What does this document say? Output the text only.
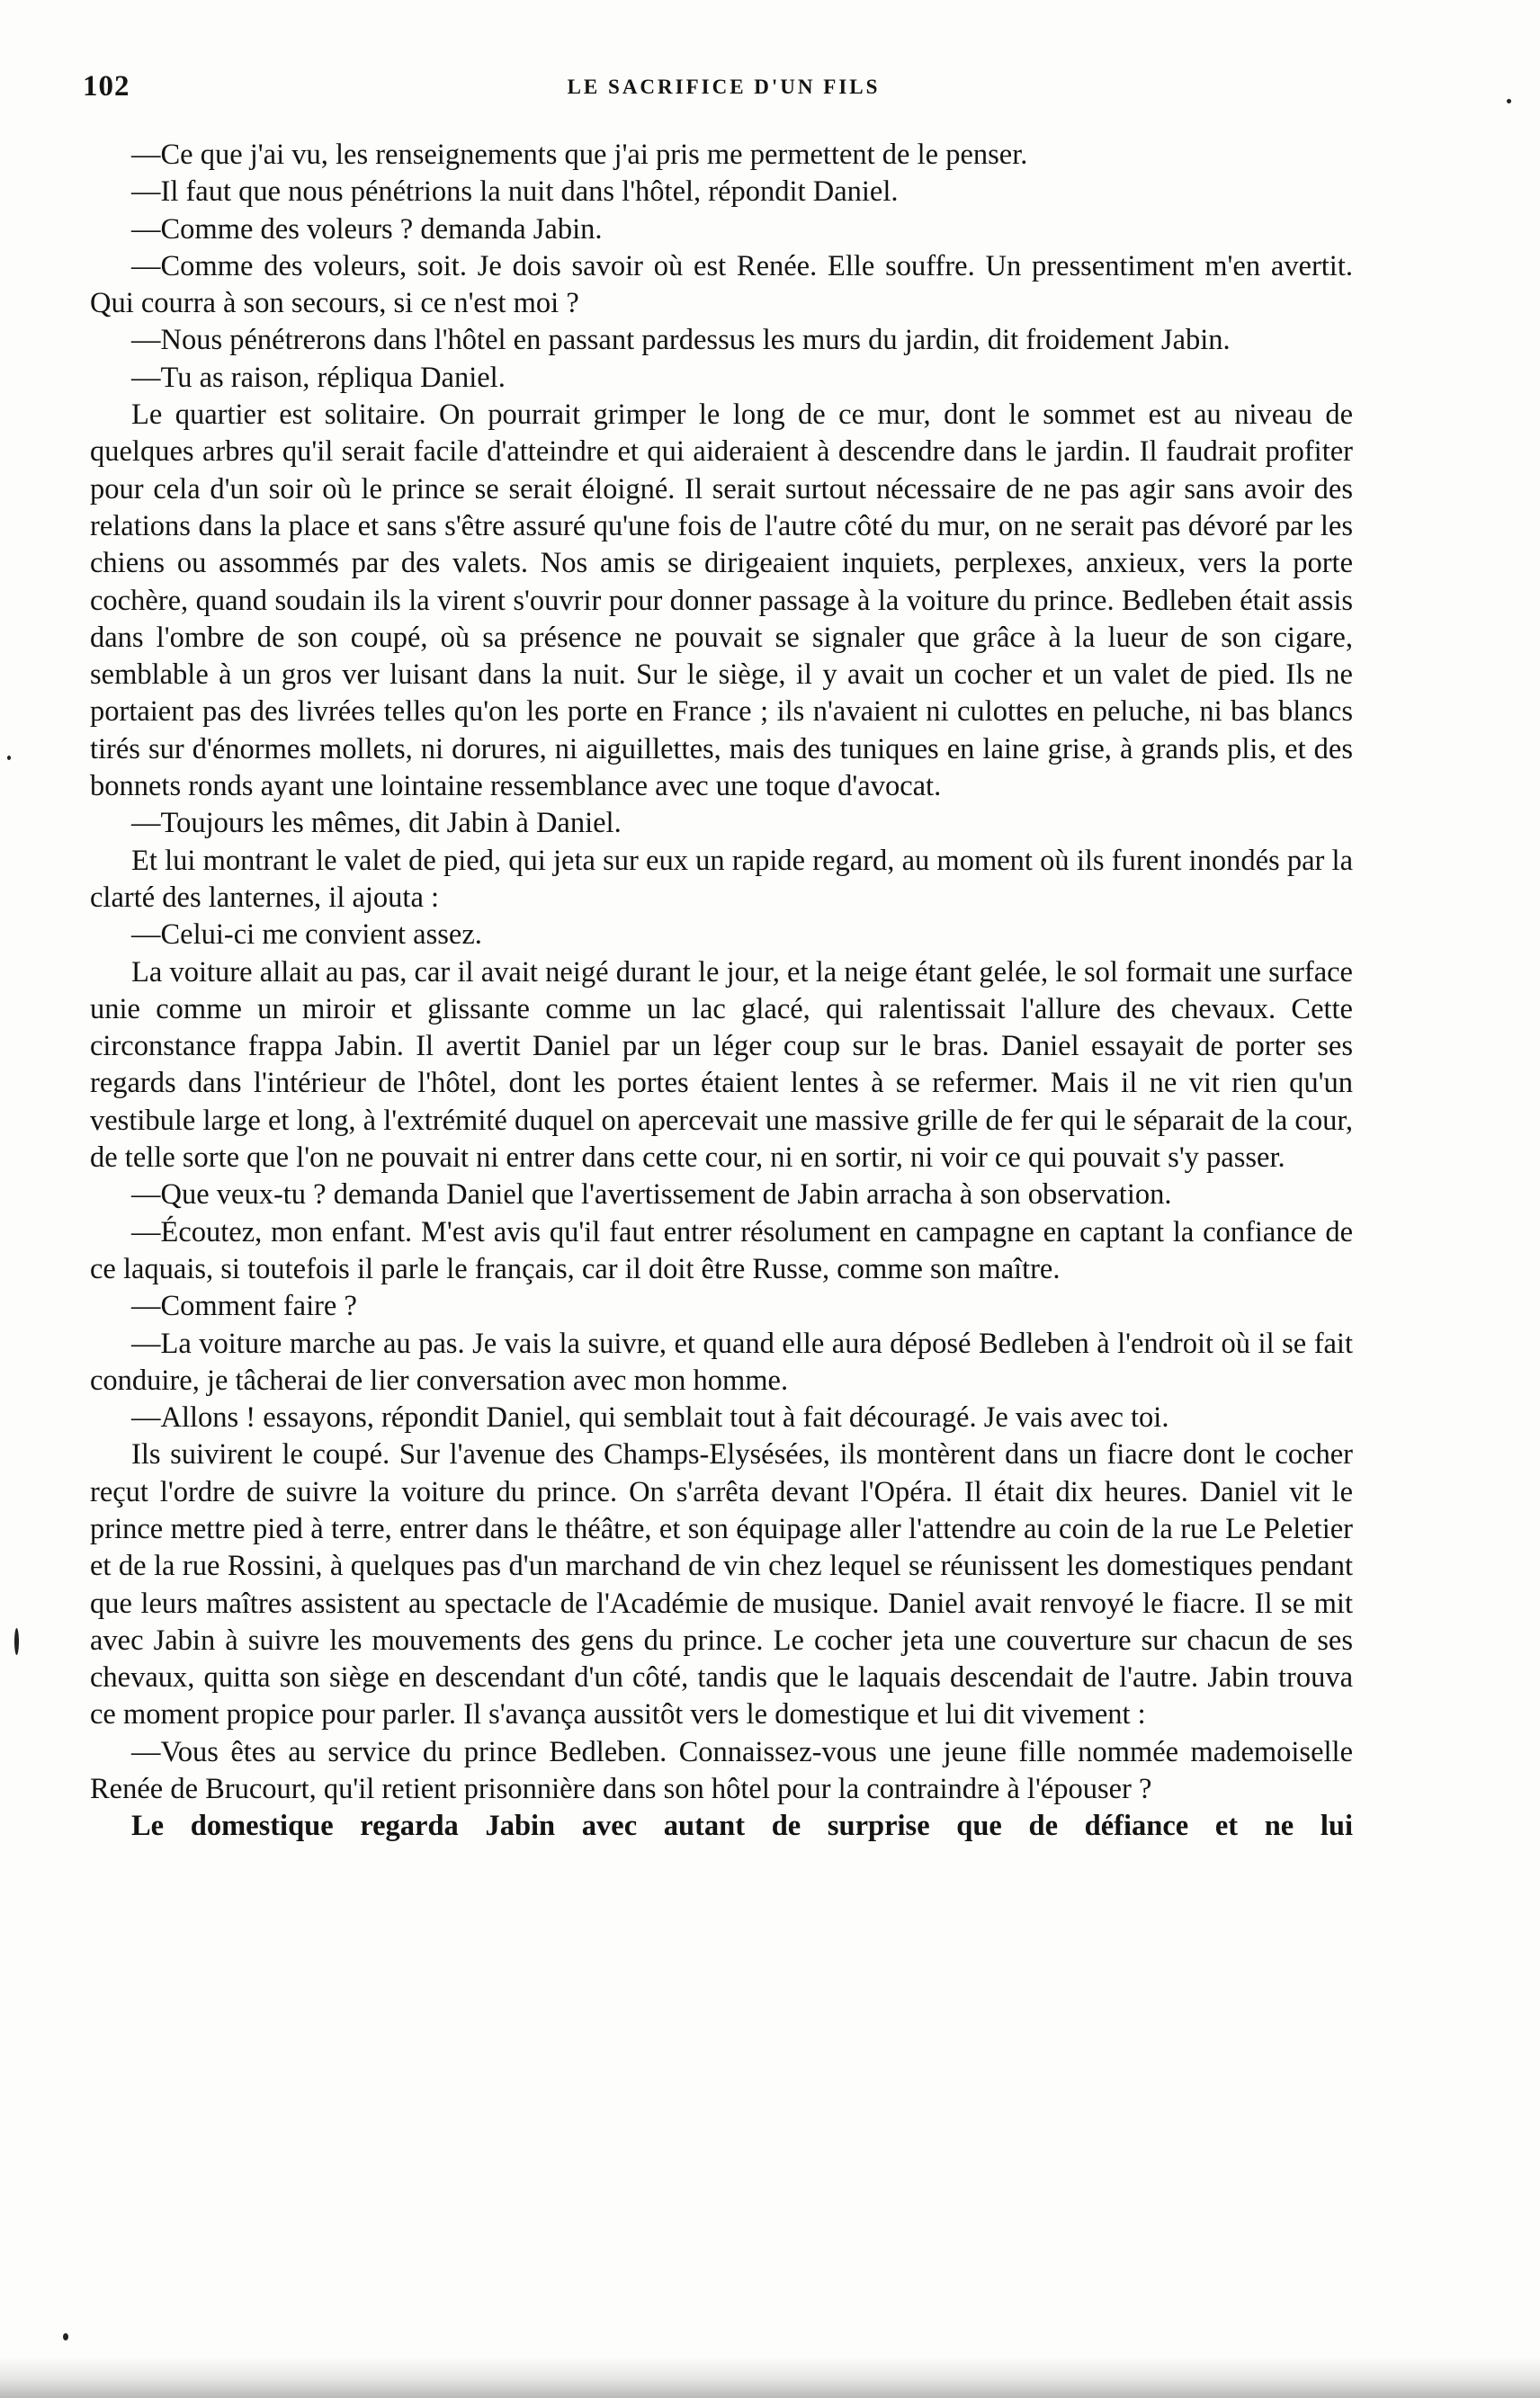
102	LE SACRIFICE D'UN FILS

—Ce que j'ai vu, les renseignements que j'ai pris me permettent de le penser.

—Il faut que nous pénétrions la nuit dans l'hôtel, répondit Daniel.

—Comme des voleurs ? demanda Jabin.

—Comme des voleurs, soit. Je dois savoir où est Renée. Elle souffre. Un pressentiment m'en avertit. Qui courra à son secours, si ce n'est moi ?

—Nous pénétrerons dans l'hôtel en passant pardessus les murs du jardin, dit froidement Jabin.

—Tu as raison, répliqua Daniel.

Le quartier est solitaire. On pourrait grimper le long de ce mur, dont le sommet est au niveau de quelques arbres qu'il serait facile d'atteindre et qui aideraient à descendre dans le jardin. Il faudrait profiter pour cela d'un soir où le prince se serait éloigné. Il serait surtout nécessaire de ne pas agir sans avoir des relations dans la place et sans s'être assuré qu'une fois de l'autre côté du mur, on ne serait pas dévoré par les chiens ou assommés par des valets. Nos amis se dirigeaient inquiets, perplexes, anxieux, vers la porte cochère, quand soudain ils la virent s'ouvrir pour donner passage à la voiture du prince. Bedleben était assis dans l'ombre de son coupé, où sa présence ne pouvait se signaler que grâce à la lueur de son cigare, semblable à un gros ver luisant dans la nuit. Sur le siège, il y avait un cocher et un valet de pied. Ils ne portaient pas des livrées telles qu'on les porte en France ; ils n'avaient ni culottes en peluche, ni bas blancs tirés sur d'énormes mollets, ni dorures, ni aiguillettes, mais des tuniques en laine grise, à grands plis, et des bonnets ronds ayant une lointaine ressemblance avec une toque d'avocat.

—Toujours les mêmes, dit Jabin à Daniel.

Et lui montrant le valet de pied, qui jeta sur eux un rapide regard, au moment où ils furent inondés par la clarté des lanternes, il ajouta :

—Celui-ci me convient assez.

La voiture allait au pas, car il avait neigé durant le jour, et la neige étant gelée, le sol formait une surface unie comme un miroir et glissante comme un lac glacé, qui ralentissait l'allure des chevaux. Cette circonstance frappa Jabin. Il avertit Daniel par un léger coup sur le bras. Daniel essayait de porter ses regards dans l'intérieur de l'hôtel, dont les portes étaient lentes à se refermer. Mais il ne vit rien qu'un vestibule large et long, à l'extrémité duquel on apercevait une massive grille de fer qui le séparait de la cour, de telle sorte que l'on ne pouvait ni entrer dans cette cour, ni en sortir, ni voir ce qui pouvait s'y passer.

—Que veux-tu ? demanda Daniel que l'avertissement de Jabin arracha à son observation.

—Écoutez, mon enfant. M'est avis qu'il faut entrer résolument en campagne en captant la confiance de ce laquais, si toutefois il parle le français, car il doit être Russe, comme son maître.

—Comment faire ?

—La voiture marche au pas. Je vais la suivre, et quand elle aura déposé Bedleben à l'endroit où il se fait conduire, je tâcherai de lier conversation avec mon homme.

—Allons ! essayons, répondit Daniel, qui semblait tout à fait découragé. Je vais avec toi.

Ils suivirent le coupé. Sur l'avenue des Champs-Elysésées, ils montèrent dans un fiacre dont le cocher reçut l'ordre de suivre la voiture du prince. On s'arrêta devant l'Opéra. Il était dix heures. Daniel vit le prince mettre pied à terre, entrer dans le théâtre, et son équipage aller l'attendre au coin de la rue Le Peletier et de la rue Rossini, à quelques pas d'un marchand de vin chez lequel se réunissent les domestiques pendant que leurs maîtres assistent au spectacle de l'Académie de musique. Daniel avait renvoyé le fiacre. Il se mit avec Jabin à suivre les mouvements des gens du prince. Le cocher jeta une couverture sur chacun de ses chevaux, quitta son siège en descendant d'un côté, tandis que le laquais descendait de l'autre. Jabin trouva ce moment propice pour parler. Il s'avança aussitôt vers le domestique et lui dit vivement :

—Vous êtes au service du prince Bedleben. Connaissez-vous une jeune fille nommée mademoiselle Renée de Brucourt, qu'il retient prisonnière dans son hôtel pour la contraindre à l'épouser ?

Le domestique regarda Jabin avec autant de surprise que de défiance et ne lui
